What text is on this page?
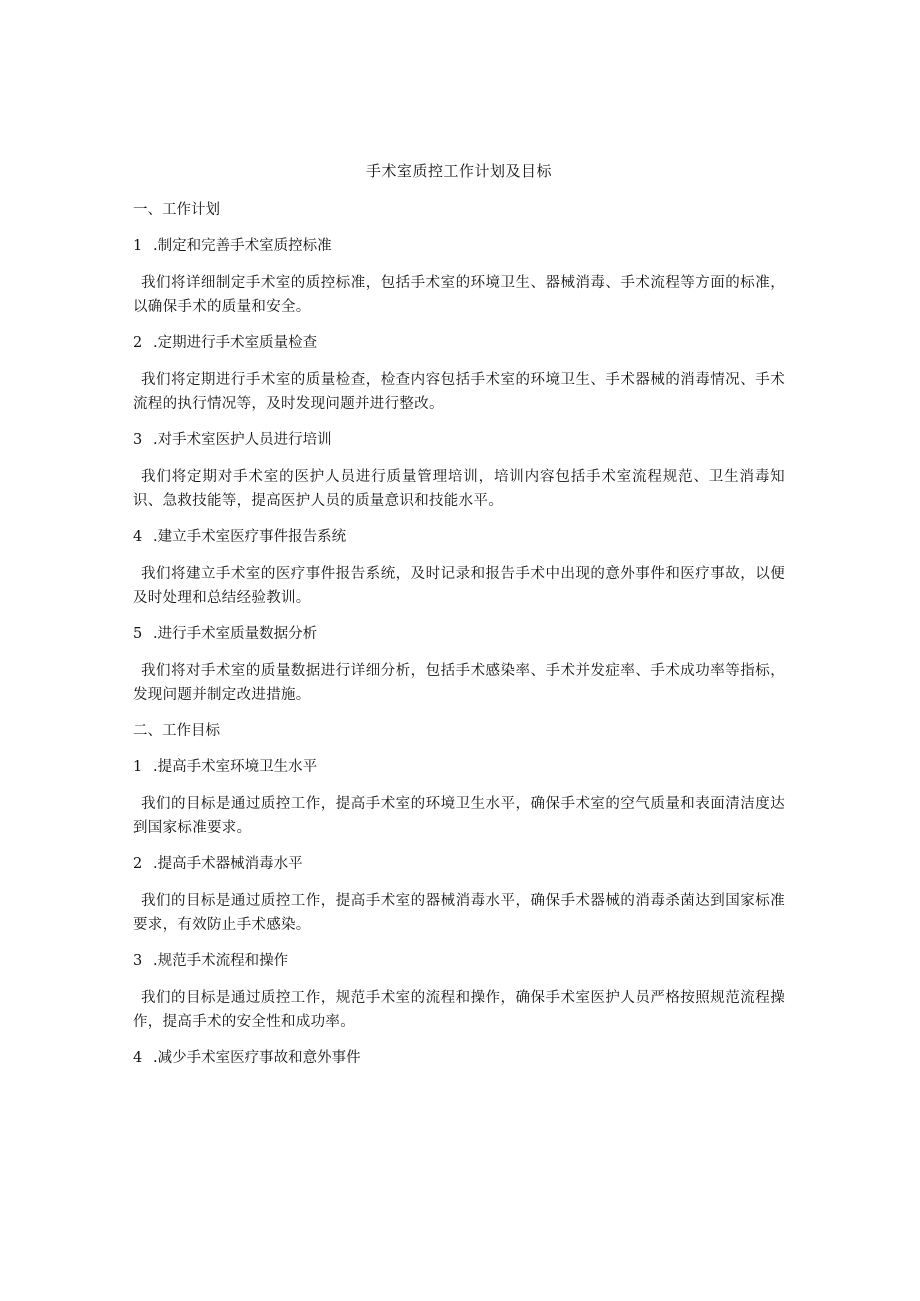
手术室质控工作计划及目标
一、工作计划
1 .制定和完善手术室质控标准
我们将详细制定手术室的质控标准，包括手术室的环境卫生、器械消毒、手术流程等方面的标准，以确保手术的质量和安全。
2 .定期进行手术室质量检查
我们将定期进行手术室的质量检查，检查内容包括手术室的环境卫生、手术器械的消毒情况、手术流程的执行情况等，及时发现问题并进行整改。
3 .对手术室医护人员进行培训
我们将定期对手术室的医护人员进行质量管理培训，培训内容包括手术室流程规范、卫生消毒知识、急救技能等，提高医护人员的质量意识和技能水平。
4 .建立手术室医疗事件报告系统
我们将建立手术室的医疗事件报告系统，及时记录和报告手术中出现的意外事件和医疗事故，以便及时处理和总结经验教训。
5 .进行手术室质量数据分析
我们将对手术室的质量数据进行详细分析，包括手术感染率、手术并发症率、手术成功率等指标，发现问题并制定改进措施。
二、工作目标
1 .提高手术室环境卫生水平
我们的目标是通过质控工作，提高手术室的环境卫生水平，确保手术室的空气质量和表面清洁度达到国家标准要求。
2 .提高手术器械消毒水平
我们的目标是通过质控工作，提高手术室的器械消毒水平，确保手术器械的消毒杀菌达到国家标准要求，有效防止手术感染。
3 .规范手术流程和操作
我们的目标是通过质控工作，规范手术室的流程和操作，确保手术室医护人员严格按照规范流程操作，提高手术的安全性和成功率。
4 .减少手术室医疗事故和意外事件
